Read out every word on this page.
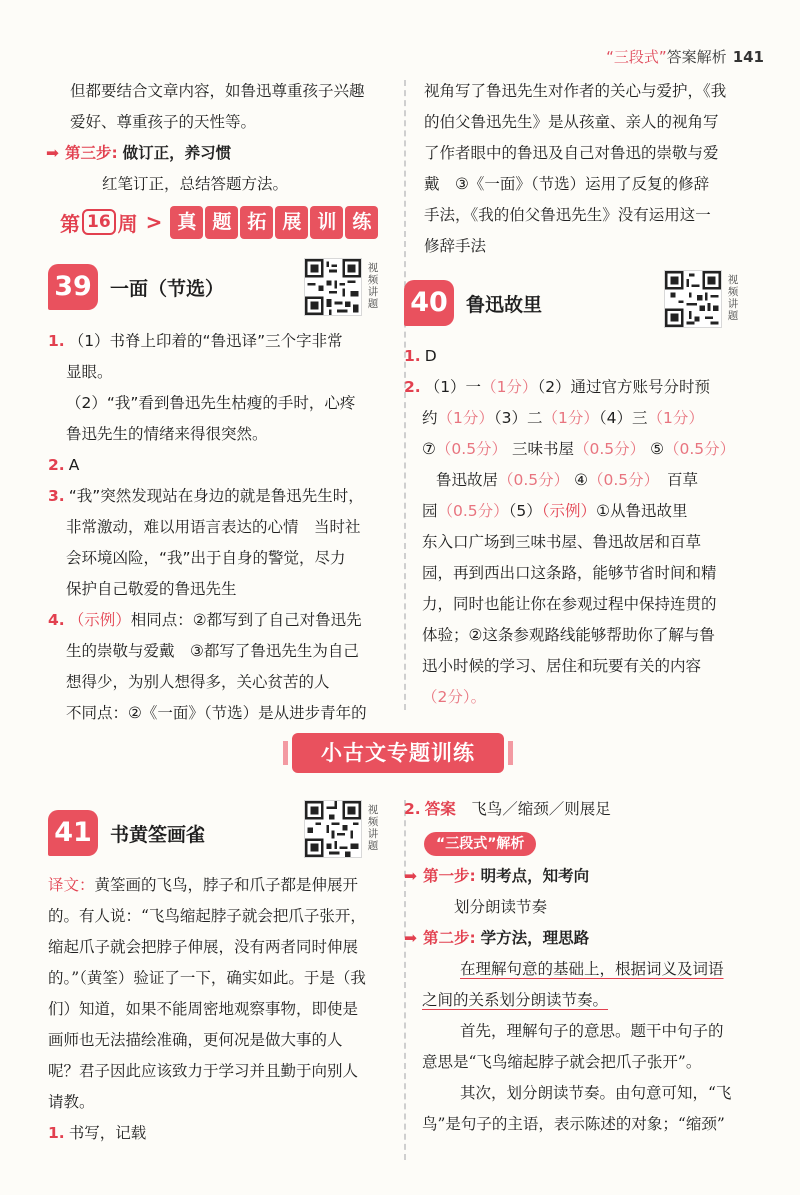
“三段式”答案解析 141

但都要结合文章内容，如鲁迅尊重孩子兴趣

爱好、尊重孩子的天性等。

➡ 第三步: 做订正，养习惯

红笔订正，总结答题方法。

第 16 周 > 真 题 拓 展 训 练
39 一面（节选）
视频讲题

1. （1）书脊上印着的“鲁迅译”三个字非常

显眼。

（2）“我”看到鲁迅先生枯瘦的手时，心疼

鲁迅先生的情绪来得很突然。

2. A

3. “我”突然发现站在身边的就是鲁迅先生时，

非常激动，难以用语言表达的心情　当时社

会环境凶险，“我”出于自身的警觉，尽力

保护自己敬爱的鲁迅先生

4. （示例）相同点：②都写到了自己对鲁迅先

生的崇敬与爱戴　③都写了鲁迅先生为自己

想得少，为别人想得多，关心贫苦的人

不同点：②《一面》（节选）是从进步青年的

视角写了鲁迅先生对作者的关心与爱护，《我

的伯父鲁迅先生》是从孩童、亲人的视角写

了作者眼中的鲁迅及自己对鲁迅的崇敬与爱

戴　③《一面》（节选）运用了反复的修辞

手法，《我的伯父鲁迅先生》没有运用这一

修辞手法

40 鲁迅故里
视频讲题

1. D

2. （1）一（1分）（2）通过官方账号分时预

约（1分）（3）二（1分）（4）三（1分）

⑦（0.5分） 三味书屋（0.5分） ⑤（0.5分）

鲁迅故居（0.5分） ④（0.5分）　 百草

园（0.5分）（5）（示例）①从鲁迅故里

东入口广场到三味书屋、鲁迅故居和百草

园，再到西出口这条路，能够节省时间和精

力，同时也能让你在参观过程中保持连贯的

体验；②这条参观路线能够帮助你了解与鲁

迅小时候的学习、居住和玩要有关的内容

（2分）。

小古文专题训练
41 书黄筌画雀
视频讲题

译文：黄筌画的飞鸟，脖子和爪子都是伸展开

的。有人说：“飞鸟缩起脖子就会把爪子张开，

缩起爪子就会把脖子伸展，没有两者同时伸展

的。”（黄筌）验证了一下，确实如此。于是（我

们）知道，如果不能周密地观察事物，即使是

画师也无法描绘准确，更何况是做大事的人

呢？君子因此应该致力于学习并且勤于向别人

请教。

1. 书写，记载

2. 答案　 飞鸟／缩颈／则展足

“三段式”解析

➡ 第一步: 明考点，知考向

划分朗读节奏

➡ 第二步: 学方法，理思路

在理解句意的基础上，根据词义及词语

之间的关系划分朗读节奏。

首先，理解句子的意思。题干中句子的

意思是“飞鸟缩起脖子就会把爪子张开”。

其次，划分朗读节奏。由句意可知，“飞

鸟”是句子的主语，表示陈述的对象；“缩颈”
